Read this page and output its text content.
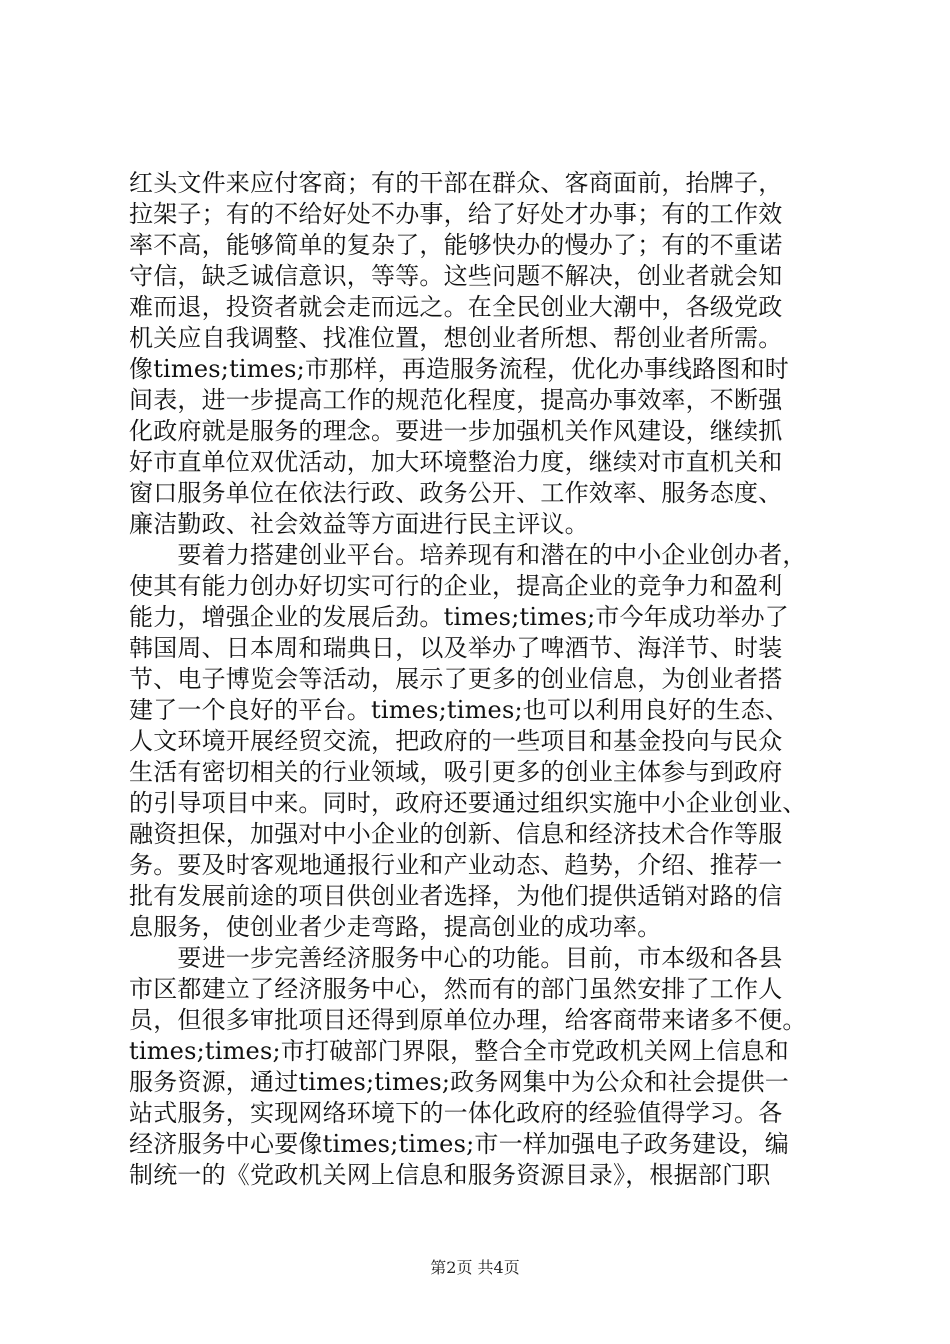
红头文件来应付客商；有的干部在群众、客商面前，抬牌子，
拉架子；有的不给好处不办事，给了好处才办事；有的工作效
率不高，能够简单的复杂了，能够快办的慢办了；有的不重诺
守信，缺乏诚信意识，等等。这些问题不解决，创业者就会知
难而退，投资者就会走而远之。在全民创业大潮中，各级党政
机关应自我调整、找准位置，想创业者所想、帮创业者所需。
像times;times;市那样，再造服务流程，优化办事线路图和时
间表，进一步提高工作的规范化程度，提高办事效率，不断强
化政府就是服务的理念。要进一步加强机关作风建设，继续抓
好市直单位双优活动，加大环境整治力度，继续对市直机关和
窗口服务单位在依法行政、政务公开、工作效率、服务态度、
廉洁勤政、社会效益等方面进行民主评议。
　　要着力搭建创业平台。培养现有和潜在的中小企业创办者，
使其有能力创办好切实可行的企业，提高企业的竞争力和盈利
能力，增强企业的发展后劲。times;times;市今年成功举办了
韩国周、日本周和瑞典日，以及举办了啤酒节、海洋节、时装
节、电子博览会等活动，展示了更多的创业信息，为创业者搭
建了一个良好的平台。times;times;也可以利用良好的生态、
人文环境开展经贸交流，把政府的一些项目和基金投向与民众
生活有密切相关的行业领域，吸引更多的创业主体参与到政府
的引导项目中来。同时，政府还要通过组织实施中小企业创业、
融资担保，加强对中小企业的创新、信息和经济技术合作等服
务。要及时客观地通报行业和产业动态、趋势，介绍、推荐一
批有发展前途的项目供创业者选择，为他们提供适销对路的信
息服务，使创业者少走弯路，提高创业的成功率。
　　要进一步完善经济服务中心的功能。目前，市本级和各县
市区都建立了经济服务中心，然而有的部门虽然安排了工作人
员，但很多审批项目还得到原单位办理，给客商带来诸多不便。
times;times;市打破部门界限，整合全市党政机关网上信息和
服务资源，通过times;times;政务网集中为公众和社会提供一
站式服务，实现网络环境下的一体化政府的经验值得学习。各
经济服务中心要像times;times;市一样加强电子政务建设，编
制统一的《党政机关网上信息和服务资源目录》，根据部门职
第2页 共4页
